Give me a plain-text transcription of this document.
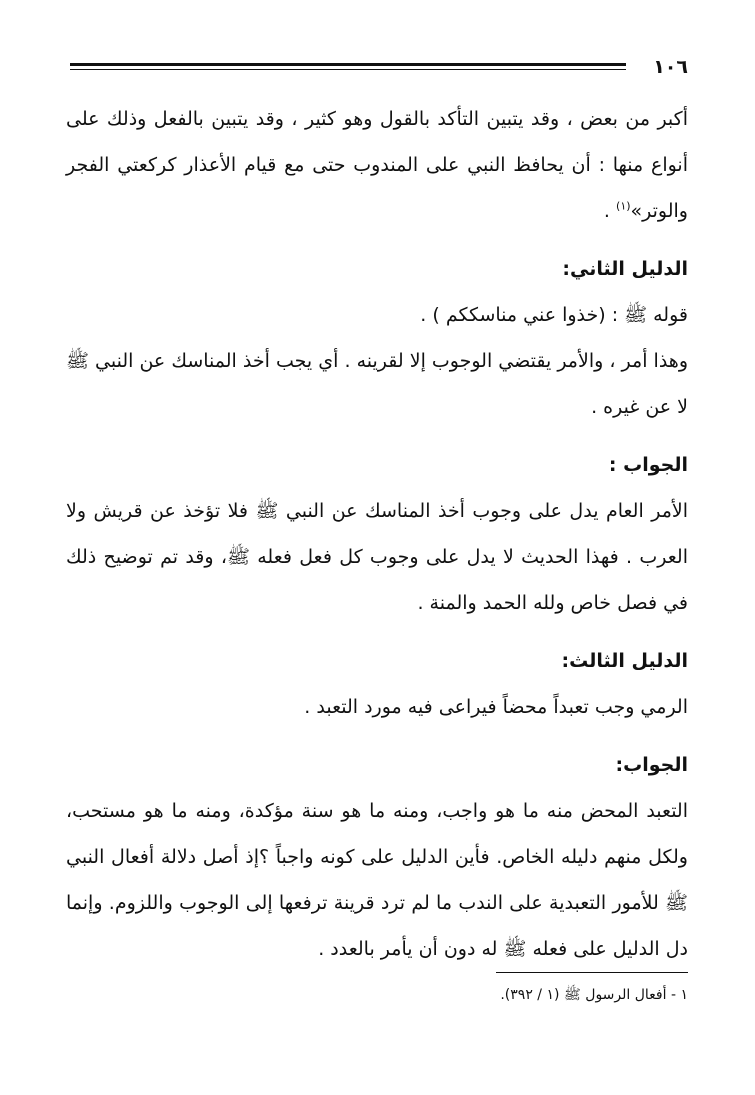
١٠٦

أكبر من بعض ، وقد يتبين التأكد بالقول وهو كثير ، وقد يتبين بالفعل وذلك على أنواع منها : أن يحافظ النبي على المندوب حتى مع قيام الأعذار كركعتي الفجر والوتر»$^{(١)}$ .

الدليل الثاني:

قوله ﷺ : (خذوا عني مناسككم ) .

وهذا أمر ، والأمر يقتضي الوجوب إلا لقرينه . أي يجب أخذ المناسك عن النبي ﷺ لا عن غيره .

الجواب :

الأمر العام يدل على وجوب أخذ المناسك عن النبي ﷺ فلا تؤخذ عن قريش ولا العرب . فهذا الحديث لا يدل على وجوب كل فعل فعله ﷺ، وقد تم توضيح ذلك في فصل خاص ولله الحمد والمنة .

الدليل الثالث:

الرمي وجب تعبداً محضاً فيراعى فيه مورد التعبد .

الجواب:

التعبد المحض منه ما هو واجب، ومنه ما هو سنة مؤكدة، ومنه ما هو مستحب، ولكل منهم دليله الخاص. فأين الدليل على كونه واجباً ؟إذ أصل دلالة أفعال النبي ﷺ للأمور التعبدية على الندب ما لم ترد قرينة ترفعها إلى الوجوب واللزوم. وإنما دل الدليل على فعله ﷺ له دون أن يأمر بالعدد .

١ - أفعال الرسول ﷺ (١ / ٣٩٢).
